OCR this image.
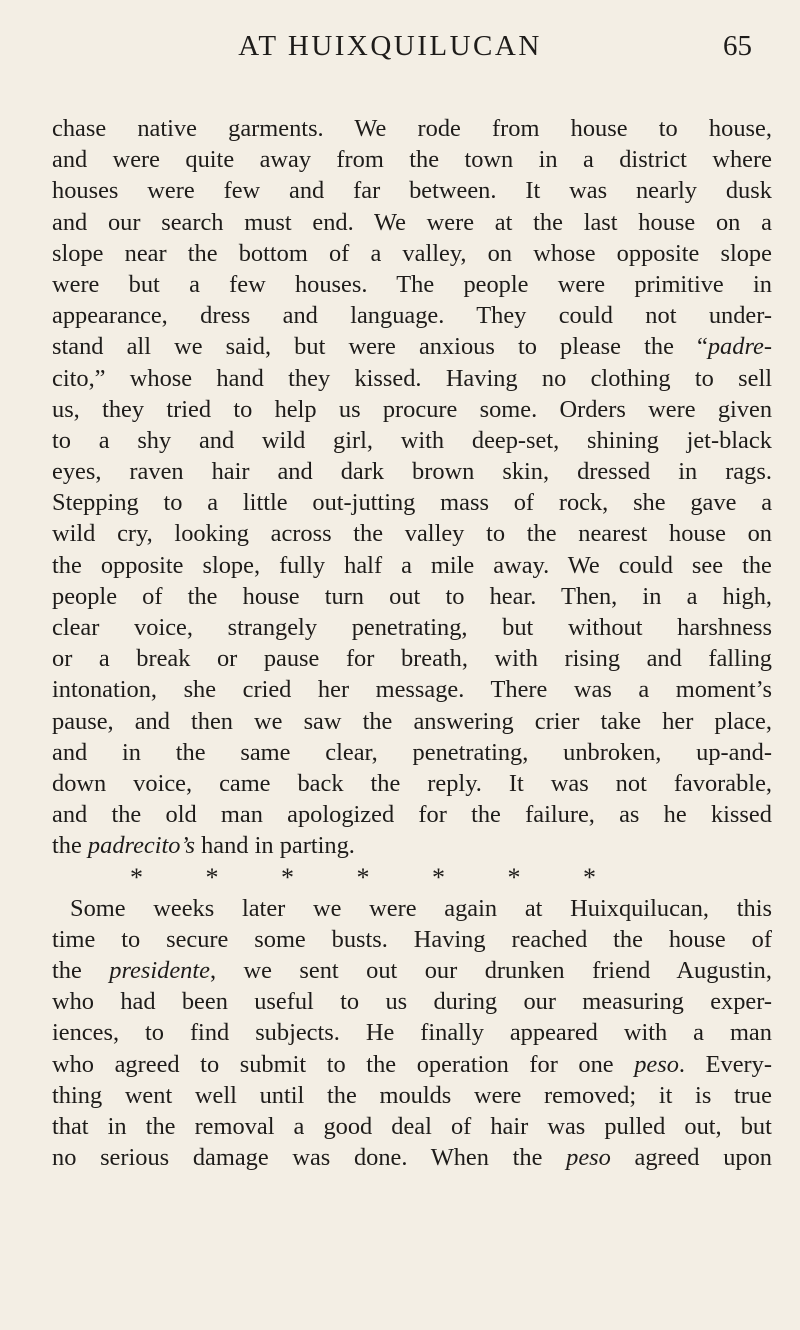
AT HUIXQUILUCAN	65
chase native garments. We rode from house to house,
and were quite away from the town in a district where
houses were few and far between. It was nearly dusk
and our search must end. We were at the last house on a
slope near the bottom of a valley, on whose opposite slope
were but a few houses. The people were primitive in
appearance, dress and language. They could not under-
stand all we said, but were anxious to please the “padre-
cito,” whose hand they kissed. Having no clothing to sell
us, they tried to help us procure some. Orders were given
to a shy and wild girl, with deep-set, shining jet-black
eyes, raven hair and dark brown skin, dressed in rags.
Stepping to a little out-jutting mass of rock, she gave a
wild cry, looking across the valley to the nearest house on
the opposite slope, fully half a mile away. We could see the
people of the house turn out to hear. Then, in a high,
clear voice, strangely penetrating, but without harshness
or a break or pause for breath, with rising and falling
intonation, she cried her message. There was a moment’s
pause, and then we saw the answering crier take her place,
and in the same clear, penetrating, unbroken, up-and-
down voice, came back the reply. It was not favorable,
and the old man apologized for the failure, as he kissed
the padrecito’s hand in parting.
* * * * * * *
Some weeks later we were again at Huixquilucan, this
time to secure some busts. Having reached the house of
the presidente, we sent out our drunken friend Augustin,
who had been useful to us during our measuring exper-
iences, to find subjects. He finally appeared with a man
who agreed to submit to the operation for one peso. Every-
thing went well until the moulds were removed; it is true
that in the removal a good deal of hair was pulled out, but
no serious damage was done. When the peso agreed upon
